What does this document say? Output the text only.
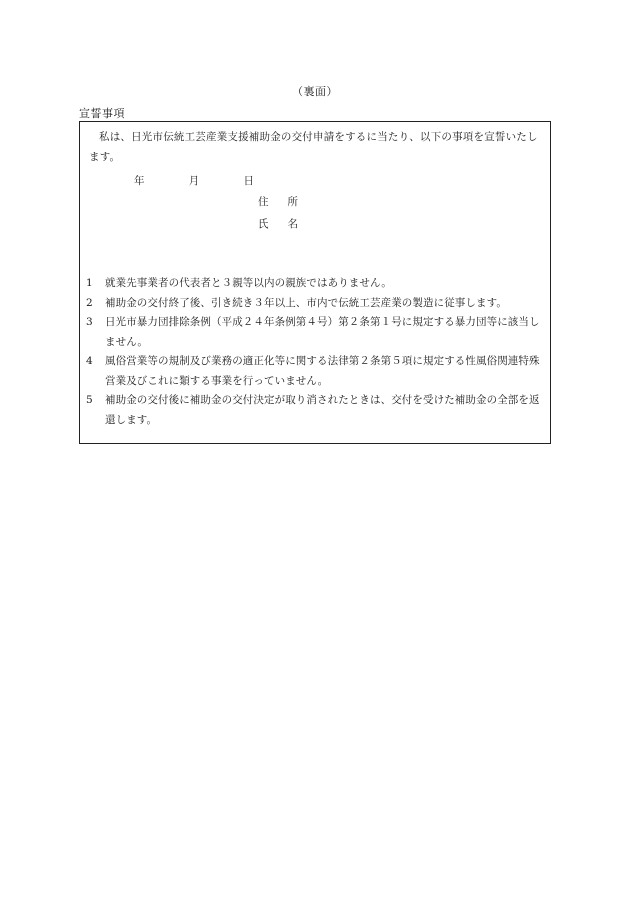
（裏面）
宣誓事項
私は、日光市伝統工芸産業支援補助金の交付申請をするに当たり、以下の事項を宣誓いたします。
年	月	日
住 所
氏 名
1	就業先事業者の代表者と３親等以内の親族ではありません。
2	補助金の交付終了後、引き続き３年以上、市内で伝統工芸産業の製造に従事します。
3	日光市暴力団排除条例（平成２４年条例第４号）第２条第１号に規定する暴力団等に該当しません。
4	風俗営業等の規制及び業務の適正化等に関する法律第２条第５項に規定する性風俗関連特殊営業及びこれに類する事業を行っていません。
5	補助金の交付後に補助金の交付決定が取り消されたときは、交付を受けた補助金の全部を返還します。
